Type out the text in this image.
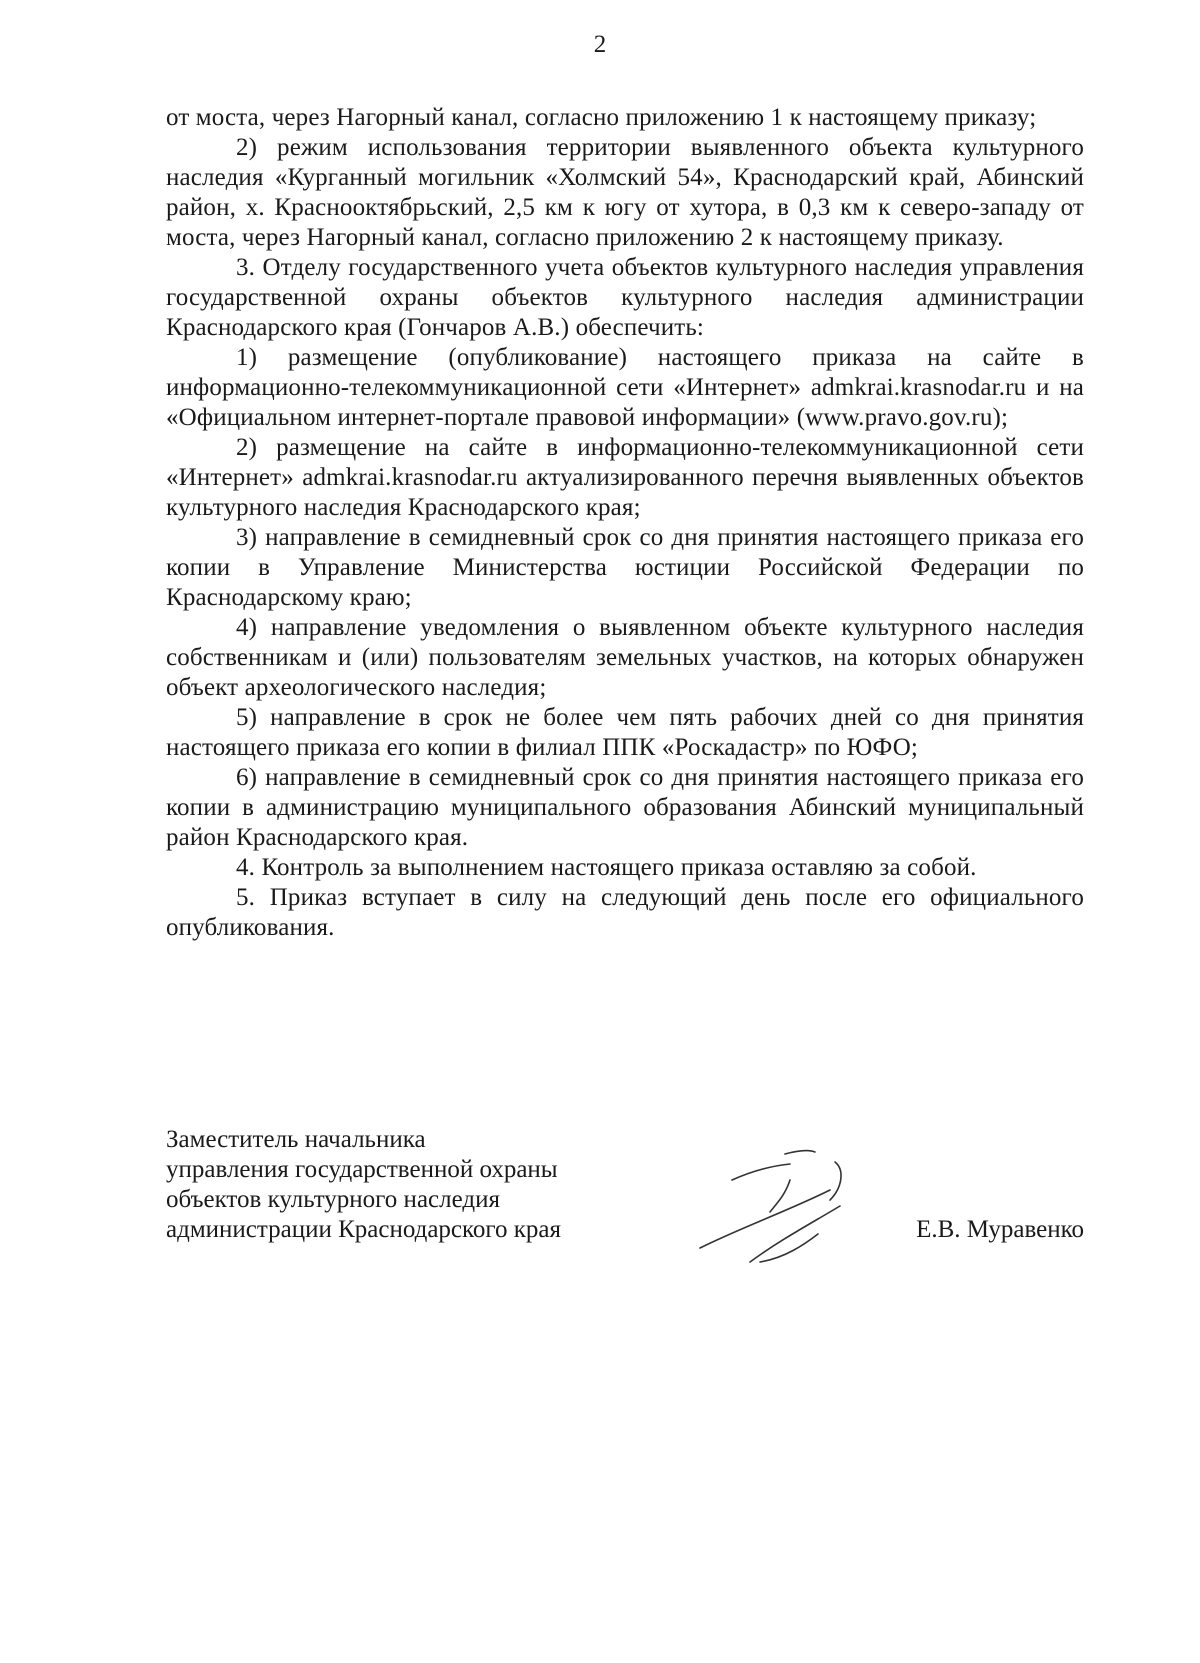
2

от моста, через Нагорный канал, согласно приложению 1 к настоящему приказу;

2) режим использования территории выявленного объекта культурного наследия «Курганный могильник «Холмский 54», Краснодарский край, Абинский район, х. Краснооктябрьский, 2,5 км к югу от хутора, в 0,3 км к северо-западу от моста, через Нагорный канал, согласно приложению 2 к настоящему приказу.

3. Отделу государственного учета объектов культурного наследия управления государственной охраны объектов культурного наследия администрации Краснодарского края (Гончаров А.В.) обеспечить:

1) размещение (опубликование) настоящего приказа на сайте в информационно-телекоммуникационной сети «Интернет» admkrai.krasnodar.ru и на «Официальном интернет-портале правовой информации» (www.pravo.gov.ru);

2) размещение на сайте в информационно-телекоммуникационной сети «Интернет» admkrai.krasnodar.ru актуализированного перечня выявленных объектов культурного наследия Краснодарского края;

3) направление в семидневный срок со дня принятия настоящего приказа его копии в Управление Министерства юстиции Российской Федерации по Краснодарскому краю;

4) направление уведомления о выявленном объекте культурного наследия собственникам и (или) пользователям земельных участков, на которых обнаружен объект археологического наследия;

5) направление в срок не более чем пять рабочих дней со дня принятия настоящего приказа его копии в филиал ППК «Роскадастр» по ЮФО;

6) направление в семидневный срок со дня принятия настоящего приказа его копии в администрацию муниципального образования Абинский муниципальный район Краснодарского края.

4. Контроль за выполнением настоящего приказа оставляю за собой.

5. Приказ вступает в силу на следующий день после его официального опубликования.

Заместитель начальника
управления государственной охраны
объектов культурного наследия
администрации Краснодарского края	Е.В. Муравенко
